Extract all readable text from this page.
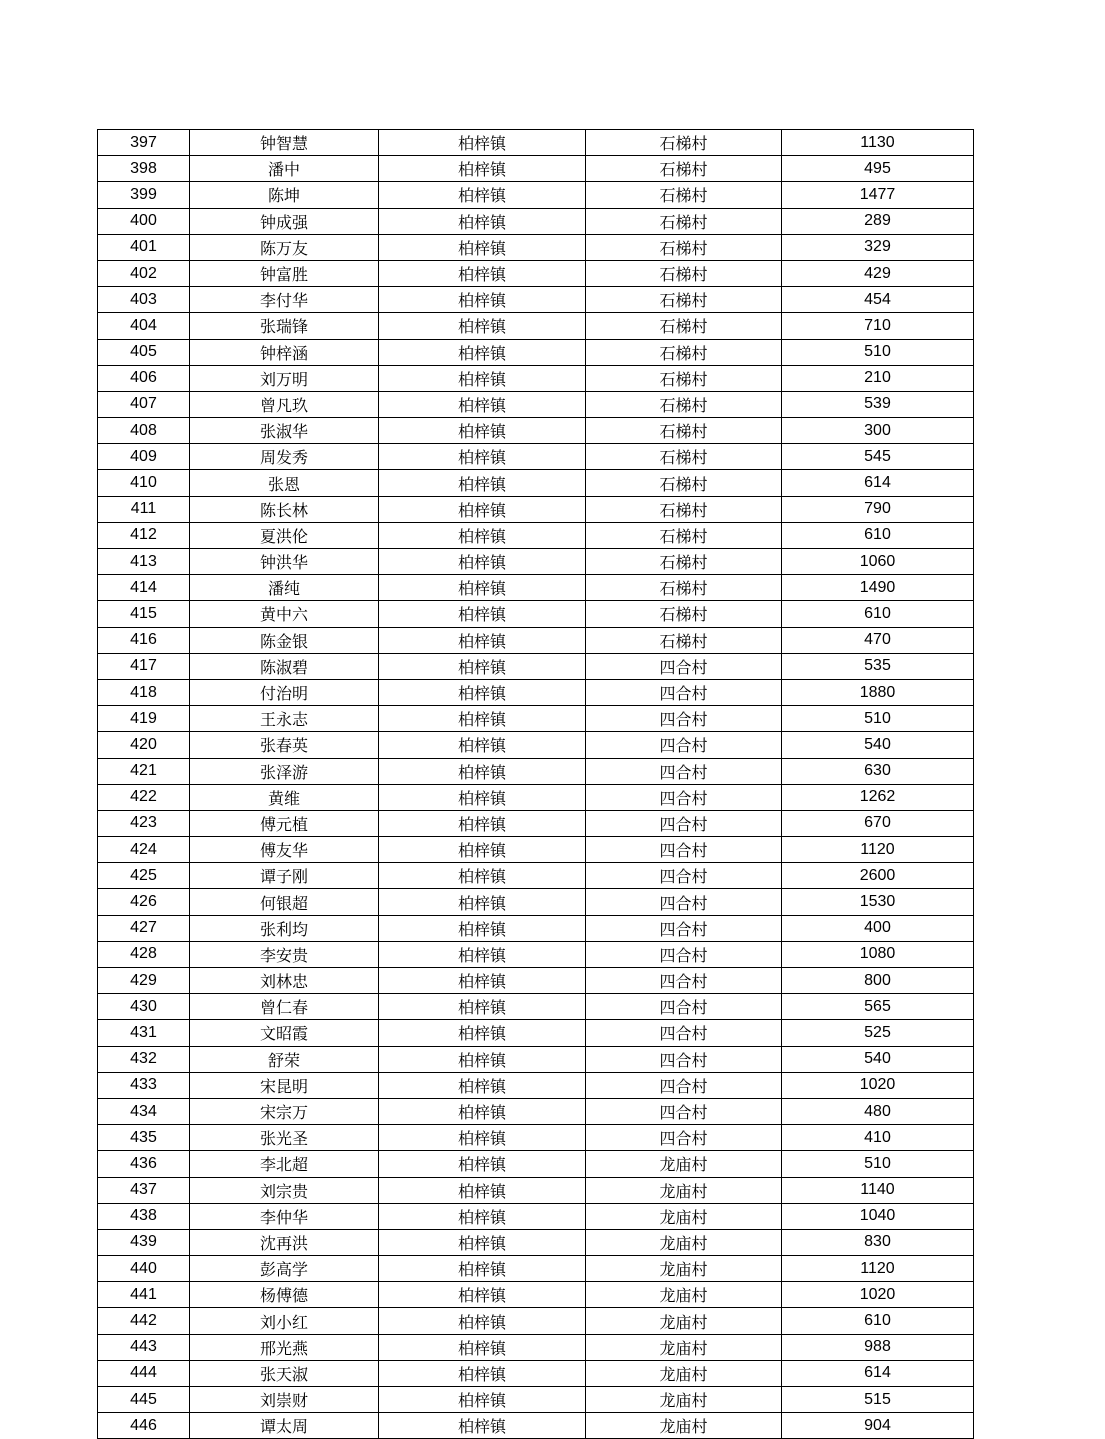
397	钟智慧	柏梓镇	石梯村	1130
398	潘中	柏梓镇	石梯村	495
399	陈坤	柏梓镇	石梯村	1477
400	钟成强	柏梓镇	石梯村	289
401	陈万友	柏梓镇	石梯村	329
402	钟富胜	柏梓镇	石梯村	429
403	李付华	柏梓镇	石梯村	454
404	张瑞锋	柏梓镇	石梯村	710
405	钟梓涵	柏梓镇	石梯村	510
406	刘万明	柏梓镇	石梯村	210
407	曾凡玖	柏梓镇	石梯村	539
408	张淑华	柏梓镇	石梯村	300
409	周发秀	柏梓镇	石梯村	545
410	张恩	柏梓镇	石梯村	614
411	陈长林	柏梓镇	石梯村	790
412	夏洪伦	柏梓镇	石梯村	610
413	钟洪华	柏梓镇	石梯村	1060
414	潘纯	柏梓镇	石梯村	1490
415	黄中六	柏梓镇	石梯村	610
416	陈金银	柏梓镇	石梯村	470
417	陈淑碧	柏梓镇	四合村	535
418	付治明	柏梓镇	四合村	1880
419	王永志	柏梓镇	四合村	510
420	张春英	柏梓镇	四合村	540
421	张泽游	柏梓镇	四合村	630
422	黄维	柏梓镇	四合村	1262
423	傅元植	柏梓镇	四合村	670
424	傅友华	柏梓镇	四合村	1120
425	谭子刚	柏梓镇	四合村	2600
426	何银超	柏梓镇	四合村	1530
427	张利均	柏梓镇	四合村	400
428	李安贵	柏梓镇	四合村	1080
429	刘林忠	柏梓镇	四合村	800
430	曾仁春	柏梓镇	四合村	565
431	文昭霞	柏梓镇	四合村	525
432	舒荣	柏梓镇	四合村	540
433	宋昆明	柏梓镇	四合村	1020
434	宋宗万	柏梓镇	四合村	480
435	张光圣	柏梓镇	四合村	410
436	李北超	柏梓镇	龙庙村	510
437	刘宗贵	柏梓镇	龙庙村	1140
438	李仲华	柏梓镇	龙庙村	1040
439	沈再洪	柏梓镇	龙庙村	830
440	彭高学	柏梓镇	龙庙村	1120
441	杨傅德	柏梓镇	龙庙村	1020
442	刘小红	柏梓镇	龙庙村	610
443	邢光燕	柏梓镇	龙庙村	988
444	张天淑	柏梓镇	龙庙村	614
445	刘崇财	柏梓镇	龙庙村	515
446	谭太周	柏梓镇	龙庙村	904
